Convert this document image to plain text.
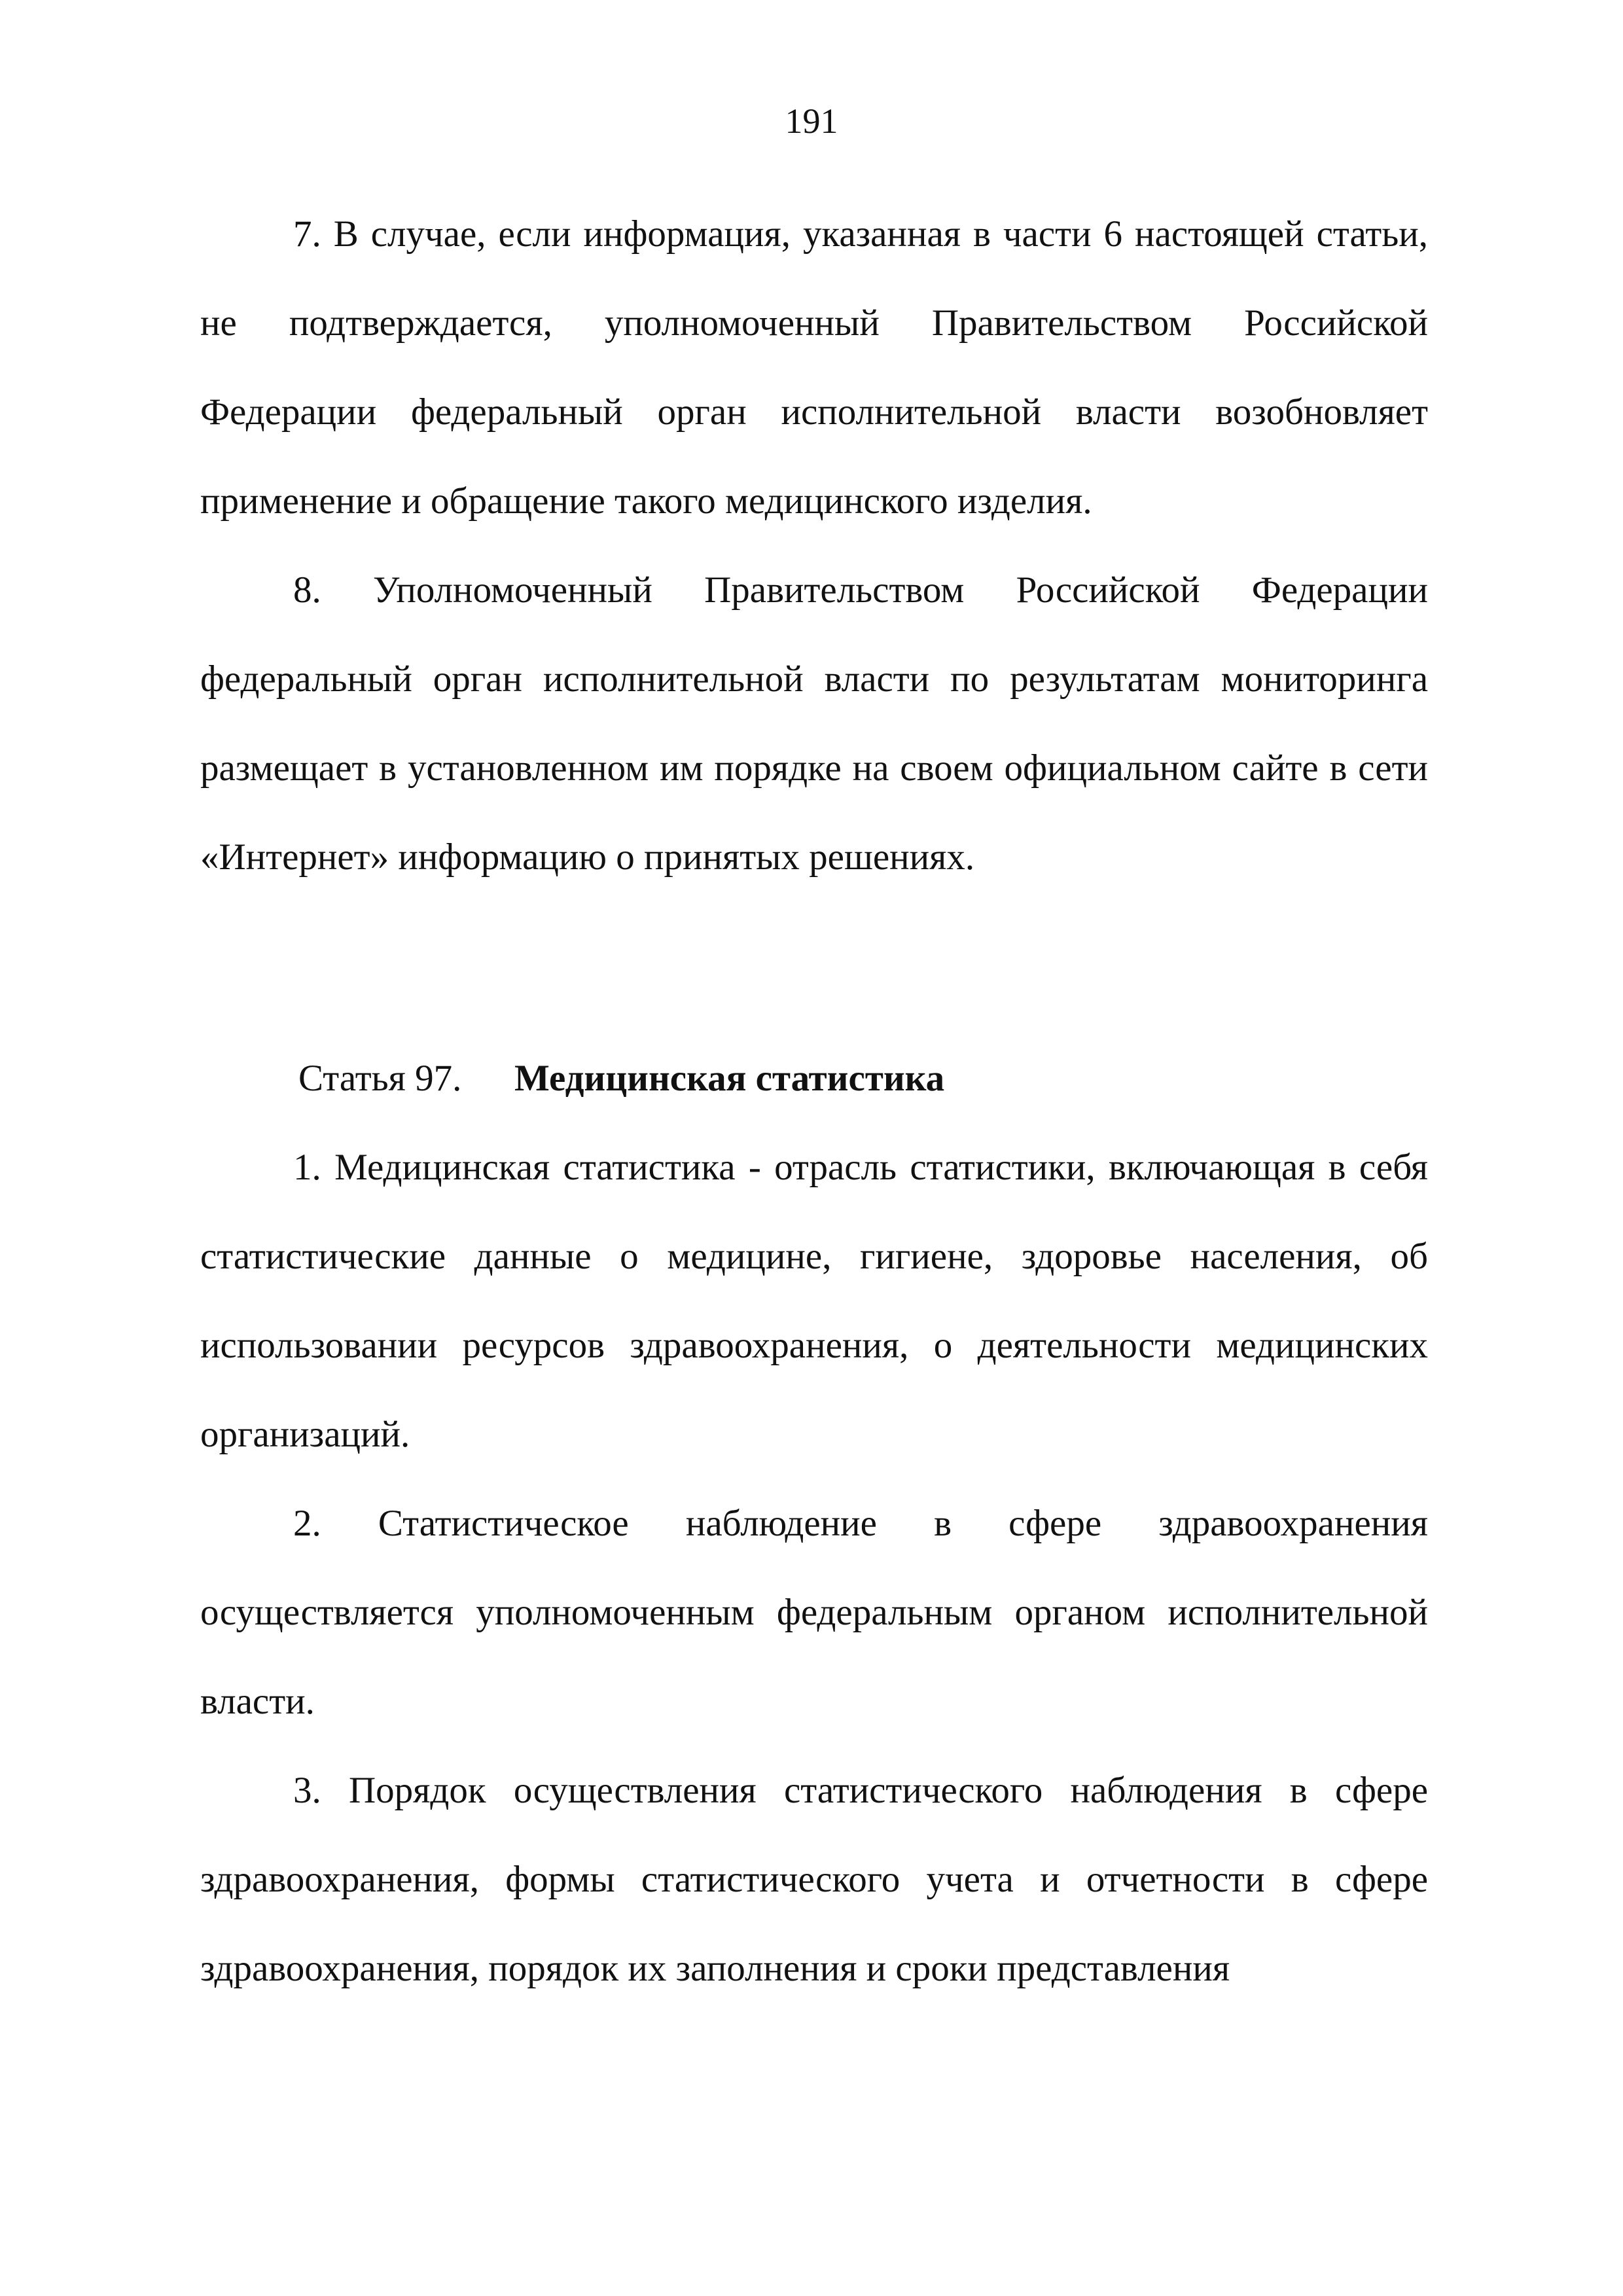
191

7. В случае, если информация, указанная в части 6 настоящей статьи, не подтверждается, уполномоченный Правительством Российской Федерации федеральный орган исполнительной власти возобновляет применение и обращение такого медицинского изделия.

8. Уполномоченный Правительством Российской Федерации федеральный орган исполнительной власти по результатам мониторинга размещает в установленном им порядке на своем официальном сайте в сети «Интернет» информацию о принятых решениях.

Статья 97. Медицинская статистика

1. Медицинская статистика - отрасль статистики, включающая в себя статистические данные о медицине, гигиене, здоровье населения, об использовании ресурсов здравоохранения, о деятельности медицинских организаций.

2. Статистическое наблюдение в сфере здравоохранения осуществляется уполномоченным федеральным органом исполнительной власти.

3. Порядок осуществления статистического наблюдения в сфере здравоохранения, формы статистического учета и отчетности в сфере здравоохранения, порядок их заполнения и сроки представления
